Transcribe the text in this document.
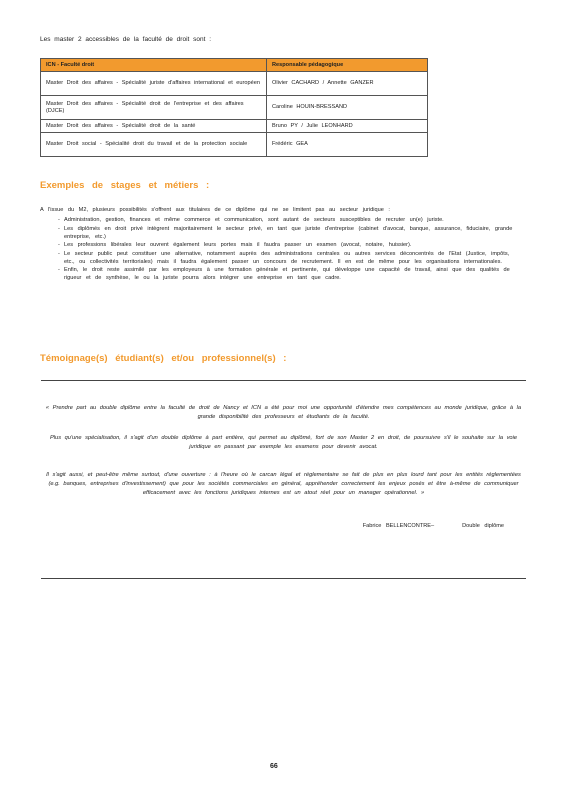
Les master 2 accessibles de la faculté de droit sont :
ICN - Faculté droit	Responsable pédagogique
Master Droit des affaires - Spécialité juriste d'affaires international et européen	Olivier CACHARD / Annette GANZER
Master Droit des affaires - Spécialité droit de l'entreprise et des affaires (DJCE)	Caroline HOUIN-BRESSAND
Master Droit des affaires - Spécialité droit de la santé	Bruno PY / Julie LEONHARD
Master Droit social - Spécialité droit du travail et de la protection sociale	Frédéric GEA
Exemples de stages et métiers :
A l'issue du M2, plusieurs possibilités s'offrent aux titulaires de ce diplôme qui ne se limitent pas au secteur juridique :
- Administration, gestion, finances et même commerce et communication, sont autant de secteurs susceptibles de recruter un(e) juriste.
- Les diplômés en droit privé intègrent majoritairement le secteur privé, en tant que juriste d'entreprise (cabinet d'avocat, banque, assurance, fiduciaire, grande entreprise, etc.)
- Les professions libérales leur ouvrent également leurs portes mais il faudra passer un examen (avocat, notaire, huissier).
- Le secteur public peut constituer une alternative, notamment auprès des administrations centrales ou autres services déconcentrés de l'Etat (Justice, impôts, etc., ou collectivités territoriales) mais il faudra également passer un concours de recrutement. Il en est de même pour les organisations internationales.
- Enfin, le droit reste assimilé par les employeurs à une formation générale et pertinente, qui développe une capacité de travail, ainsi que des qualités de rigueur et de synthèse, le ou la juriste pourra alors intégrer une entreprise en tant que cadre.
Témoignage(s) étudiant(s) et/ou professionnel(s) :

« Prendre part au double diplôme entre la faculté de droit de Nancy et ICN a été pour moi une opportunité d'étendre mes compétences au monde juridique, grâce à la grande disponibilité des professeurs et étudiants de la faculté.

Plus qu'une spécialisation, il s'agit d'un double diplôme à part entière, qui permet au diplômé, fort de son Master 2 en droit, de poursuivre s'il le souhaite sur la voie juridique en passant par exemple les examens pour devenir avocat.

Il s'agit aussi, et peut-être même surtout, d'une ouverture : à l'heure où le carcan légal et réglementaire se fait de plus en plus lourd tant pour les entités réglementées (e.g. banques, entreprises d'investissement) que pour les sociétés commerciales en général, appréhender correctement les enjeux posés et être à-même de communiquer efficacement avec les fonctions juridiques internes est un atout réel pour un manager opérationnel. »

Fabrice BELLENCONTRE–	Double diplôme
66
